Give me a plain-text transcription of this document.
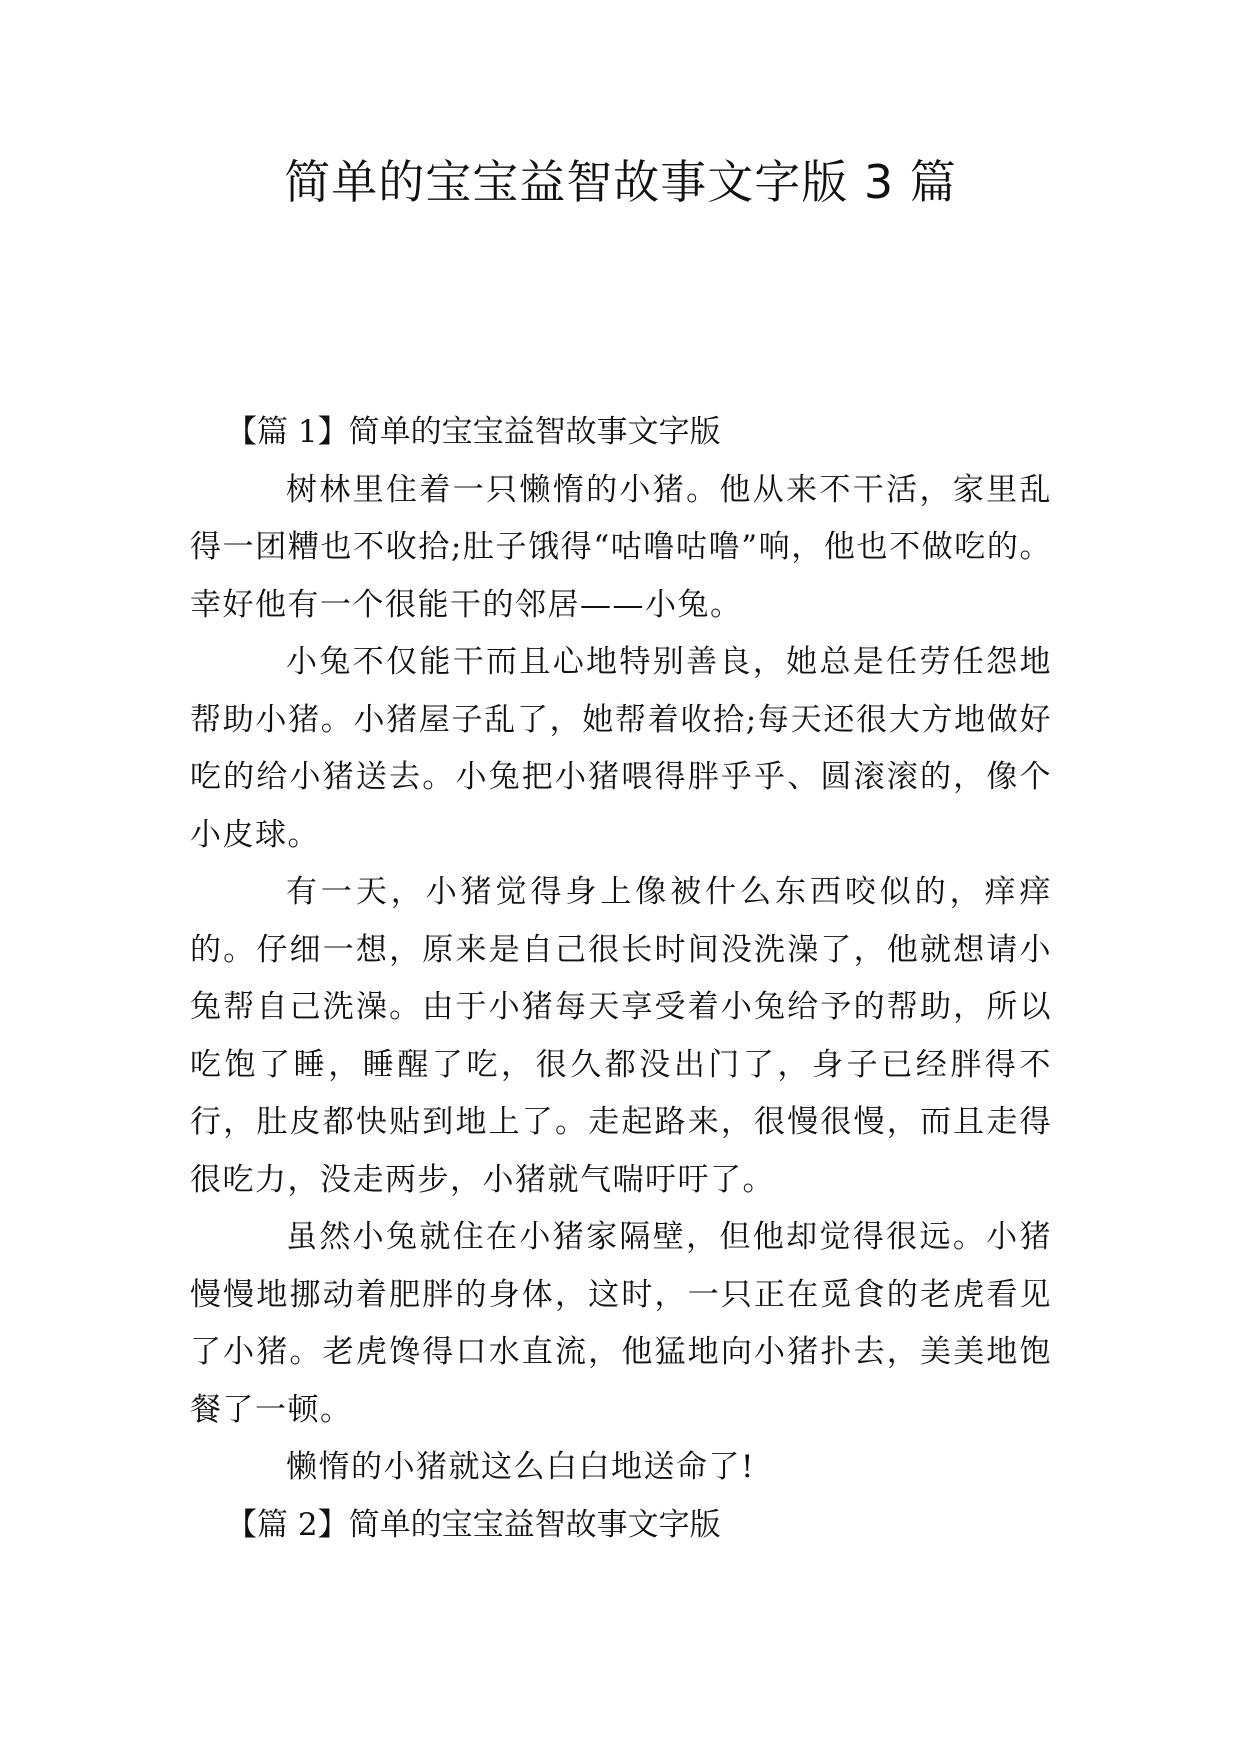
简单的宝宝益智故事文字版 3 篇
【篇 1】简单的宝宝益智故事文字版

树林里住着一只懒惰的小猪。他从来不干活，家里乱得一团糟也不收拾;肚子饿得“咕噜咕噜”响，他也不做吃的。幸好他有一个很能干的邻居——小兔。

小兔不仅能干而且心地特别善良，她总是任劳任怨地帮助小猪。小猪屋子乱了，她帮着收拾;每天还很大方地做好吃的给小猪送去。小兔把小猪喂得胖乎乎、圆滚滚的，像个小皮球。

有一天，小猪觉得身上像被什么东西咬似的，痒痒的。仔细一想，原来是自己很长时间没洗澡了，他就想请小兔帮自己洗澡。由于小猪每天享受着小兔给予的帮助，所以吃饱了睡，睡醒了吃，很久都没出门了，身子已经胖得不行，肚皮都快贴到地上了。走起路来，很慢很慢，而且走得很吃力，没走两步，小猪就气喘吁吁了。

虽然小兔就住在小猪家隔壁，但他却觉得很远。小猪慢慢地挪动着肥胖的身体，这时，一只正在觅食的老虎看见了小猪。老虎馋得口水直流，他猛地向小猪扑去，美美地饱餐了一顿。

懒惰的小猪就这么白白地送命了!

【篇 2】简单的宝宝益智故事文字版
